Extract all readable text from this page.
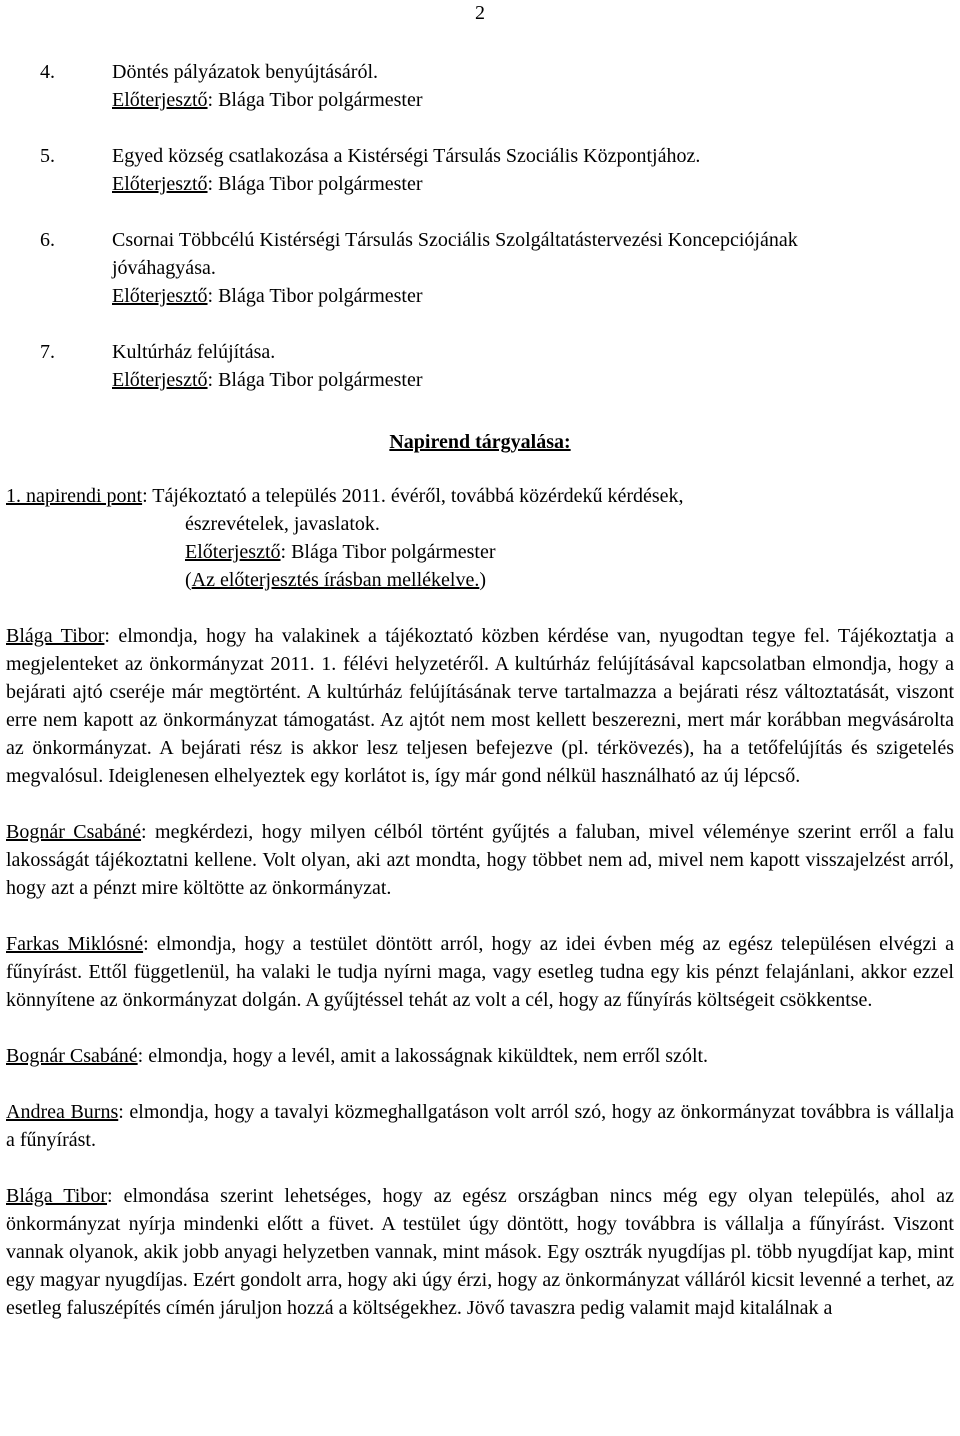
2
4.	Döntés pályázatok benyújtásáról.
Előterjesztő: Blága Tibor polgármester
5.	Egyed község csatlakozása a Kistérségi Társulás Szociális Központjához.
Előterjesztő: Blága Tibor polgármester
6.	Csornai Többcélú Kistérségi Társulás Szociális Szolgáltatástervezési Koncepciójának
jóváhagyása.
Előterjesztő: Blága Tibor polgármester
7.	Kultúrház felújítása.
Előterjesztő: Blága Tibor polgármester
Napirend tárgyalása:
1. napirendi pont: Tájékoztató a település 2011. évéről, továbbá közérdekű kérdések,
észrevételek, javaslatok.
Előterjesztő: Blága Tibor polgármester
(Az előterjesztés írásban mellékelve.)

Blága Tibor: elmondja, hogy ha valakinek a tájékoztató közben kérdése van, nyugodtan tegye fel. Tájékoztatja a megjelenteket az önkormányzat 2011. 1. félévi helyzetéről. A kultúrház felújításával kapcsolatban elmondja, hogy a bejárati ajtó cseréje már megtörtént. A kultúrház felújításának terve tartalmazza a bejárati rész változtatását, viszont erre nem kapott az önkormányzat támogatást. Az ajtót nem most kellett beszerezni, mert már korábban megvásárolta az önkormányzat. A bejárati rész is akkor lesz teljesen befejezve (pl. térkövezés), ha a tetőfelújítás és szigetelés megvalósul. Ideiglenesen elhelyeztek egy korlátot is, így már gond nélkül használható az új lépcső.

Bognár Csabáné: megkérdezi, hogy milyen célból történt gyűjtés a faluban, mivel véleménye szerint erről a falu lakosságát tájékoztatni kellene. Volt olyan, aki azt mondta, hogy többet nem ad, mivel nem kapott visszajelzést arról, hogy azt a pénzt mire költötte az önkormányzat.

Farkas Miklósné: elmondja, hogy a testület döntött arról, hogy az idei évben még az egész településen elvégzi a fűnyírást. Ettől függetlenül, ha valaki le tudja nyírni maga, vagy esetleg tudna egy kis pénzt felajánlani, akkor ezzel könnyítene az önkormányzat dolgán. A gyűjtéssel tehát az volt a cél, hogy az fűnyírás költségeit csökkentse.

Bognár Csabáné: elmondja, hogy a levél, amit a lakosságnak kiküldtek, nem erről szólt.

Andrea Burns: elmondja, hogy a tavalyi közmeghallgatáson volt arról szó, hogy az önkormányzat továbbra is vállalja a fűnyírást.

Blága Tibor: elmondása szerint lehetséges, hogy az egész országban nincs még egy olyan település, ahol az önkormányzat nyírja mindenki előtt a füvet. A testület úgy döntött, hogy továbbra is vállalja a fűnyírást. Viszont vannak olyanok, akik jobb anyagi helyzetben vannak, mint mások. Egy osztrák nyugdíjas pl. több nyugdíjat kap, mint egy magyar nyugdíjas. Ezért gondolt arra, hogy aki úgy érzi, hogy az önkormányzat válláról kicsit levenné a terhet, az esetleg faluszépítés címén járuljon hozzá a költségekhez. Jövő tavaszra pedig valamit majd kitalálnak a
